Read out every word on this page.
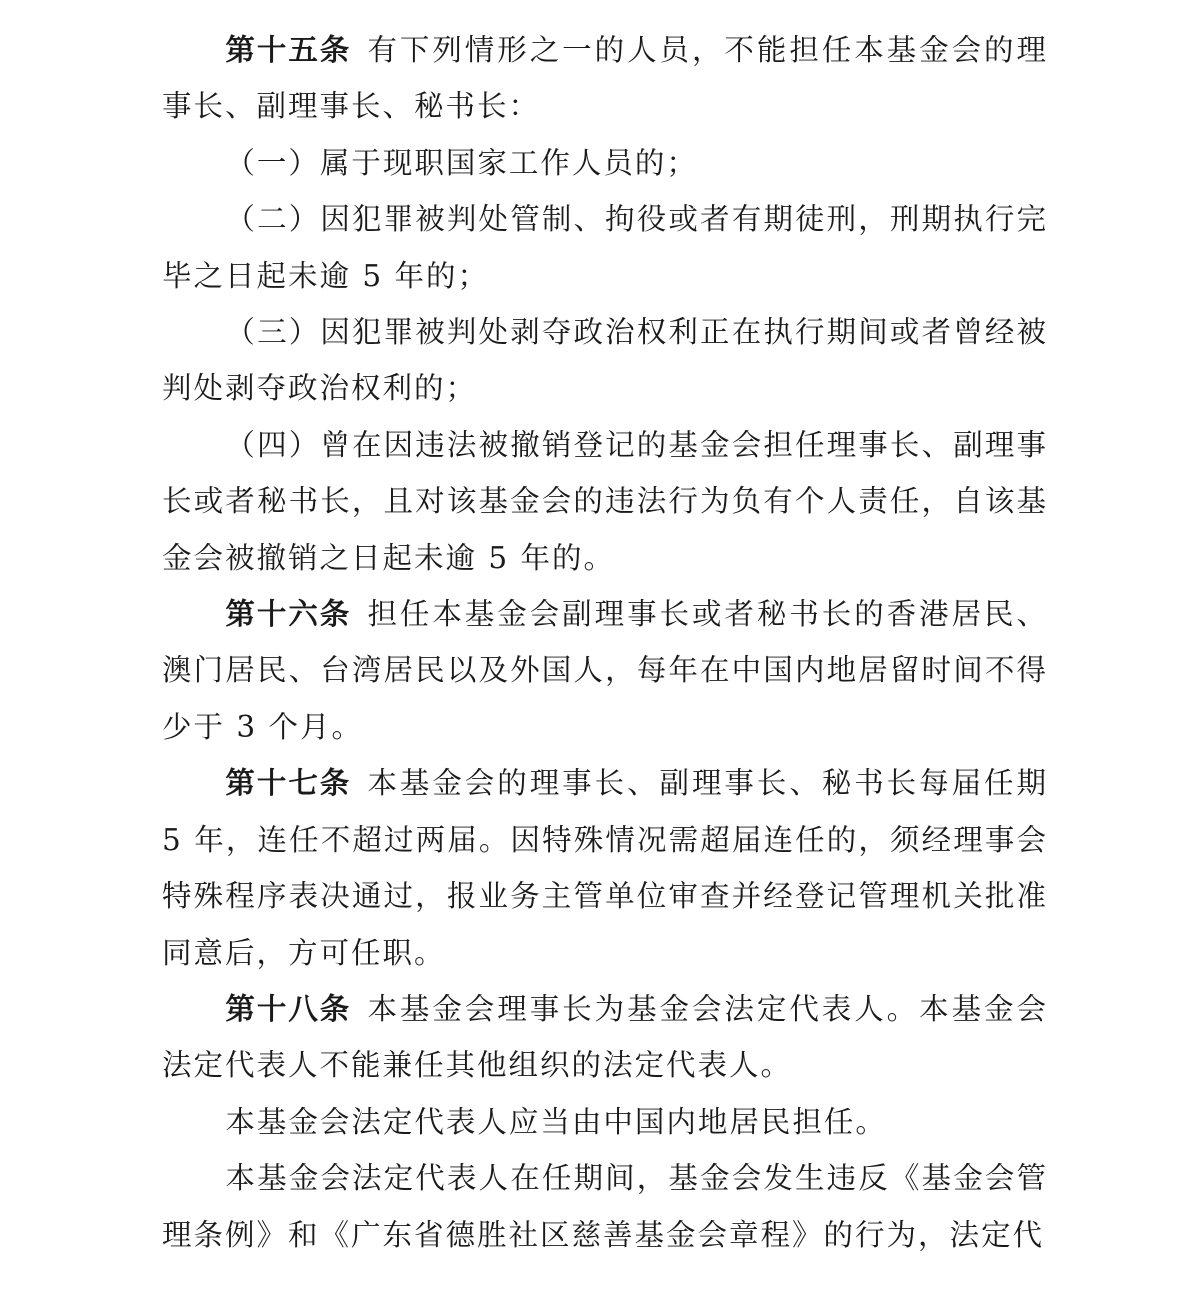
第十五条 有下列情形之一的人员，不能担任本基金会的理事长、副理事长、秘书长：

（一）属于现职国家工作人员的；

（二）因犯罪被判处管制、拘役或者有期徒刑，刑期执行完毕之日起未逾 5 年的；

（三）因犯罪被判处剥夺政治权利正在执行期间或者曾经被判处剥夺政治权利的；

（四）曾在因违法被撤销登记的基金会担任理事长、副理事长或者秘书长，且对该基金会的违法行为负有个人责任，自该基金会被撤销之日起未逾 5 年的。

第十六条 担任本基金会副理事长或者秘书长的香港居民、澳门居民、台湾居民以及外国人，每年在中国内地居留时间不得少于 3 个月。

第十七条 本基金会的理事长、副理事长、秘书长每届任期 5 年，连任不超过两届。因特殊情况需超届连任的，须经理事会特殊程序表决通过，报业务主管单位审查并经登记管理机关批准同意后，方可任职。

第十八条 本基金会理事长为基金会法定代表人。本基金会法定代表人不能兼任其他组织的法定代表人。

本基金会法定代表人应当由中国内地居民担任。

本基金会法定代表人在任期间，基金会发生违反《基金会管理条例》和《广东省德胜社区慈善基金会章程》的行为，法定代
